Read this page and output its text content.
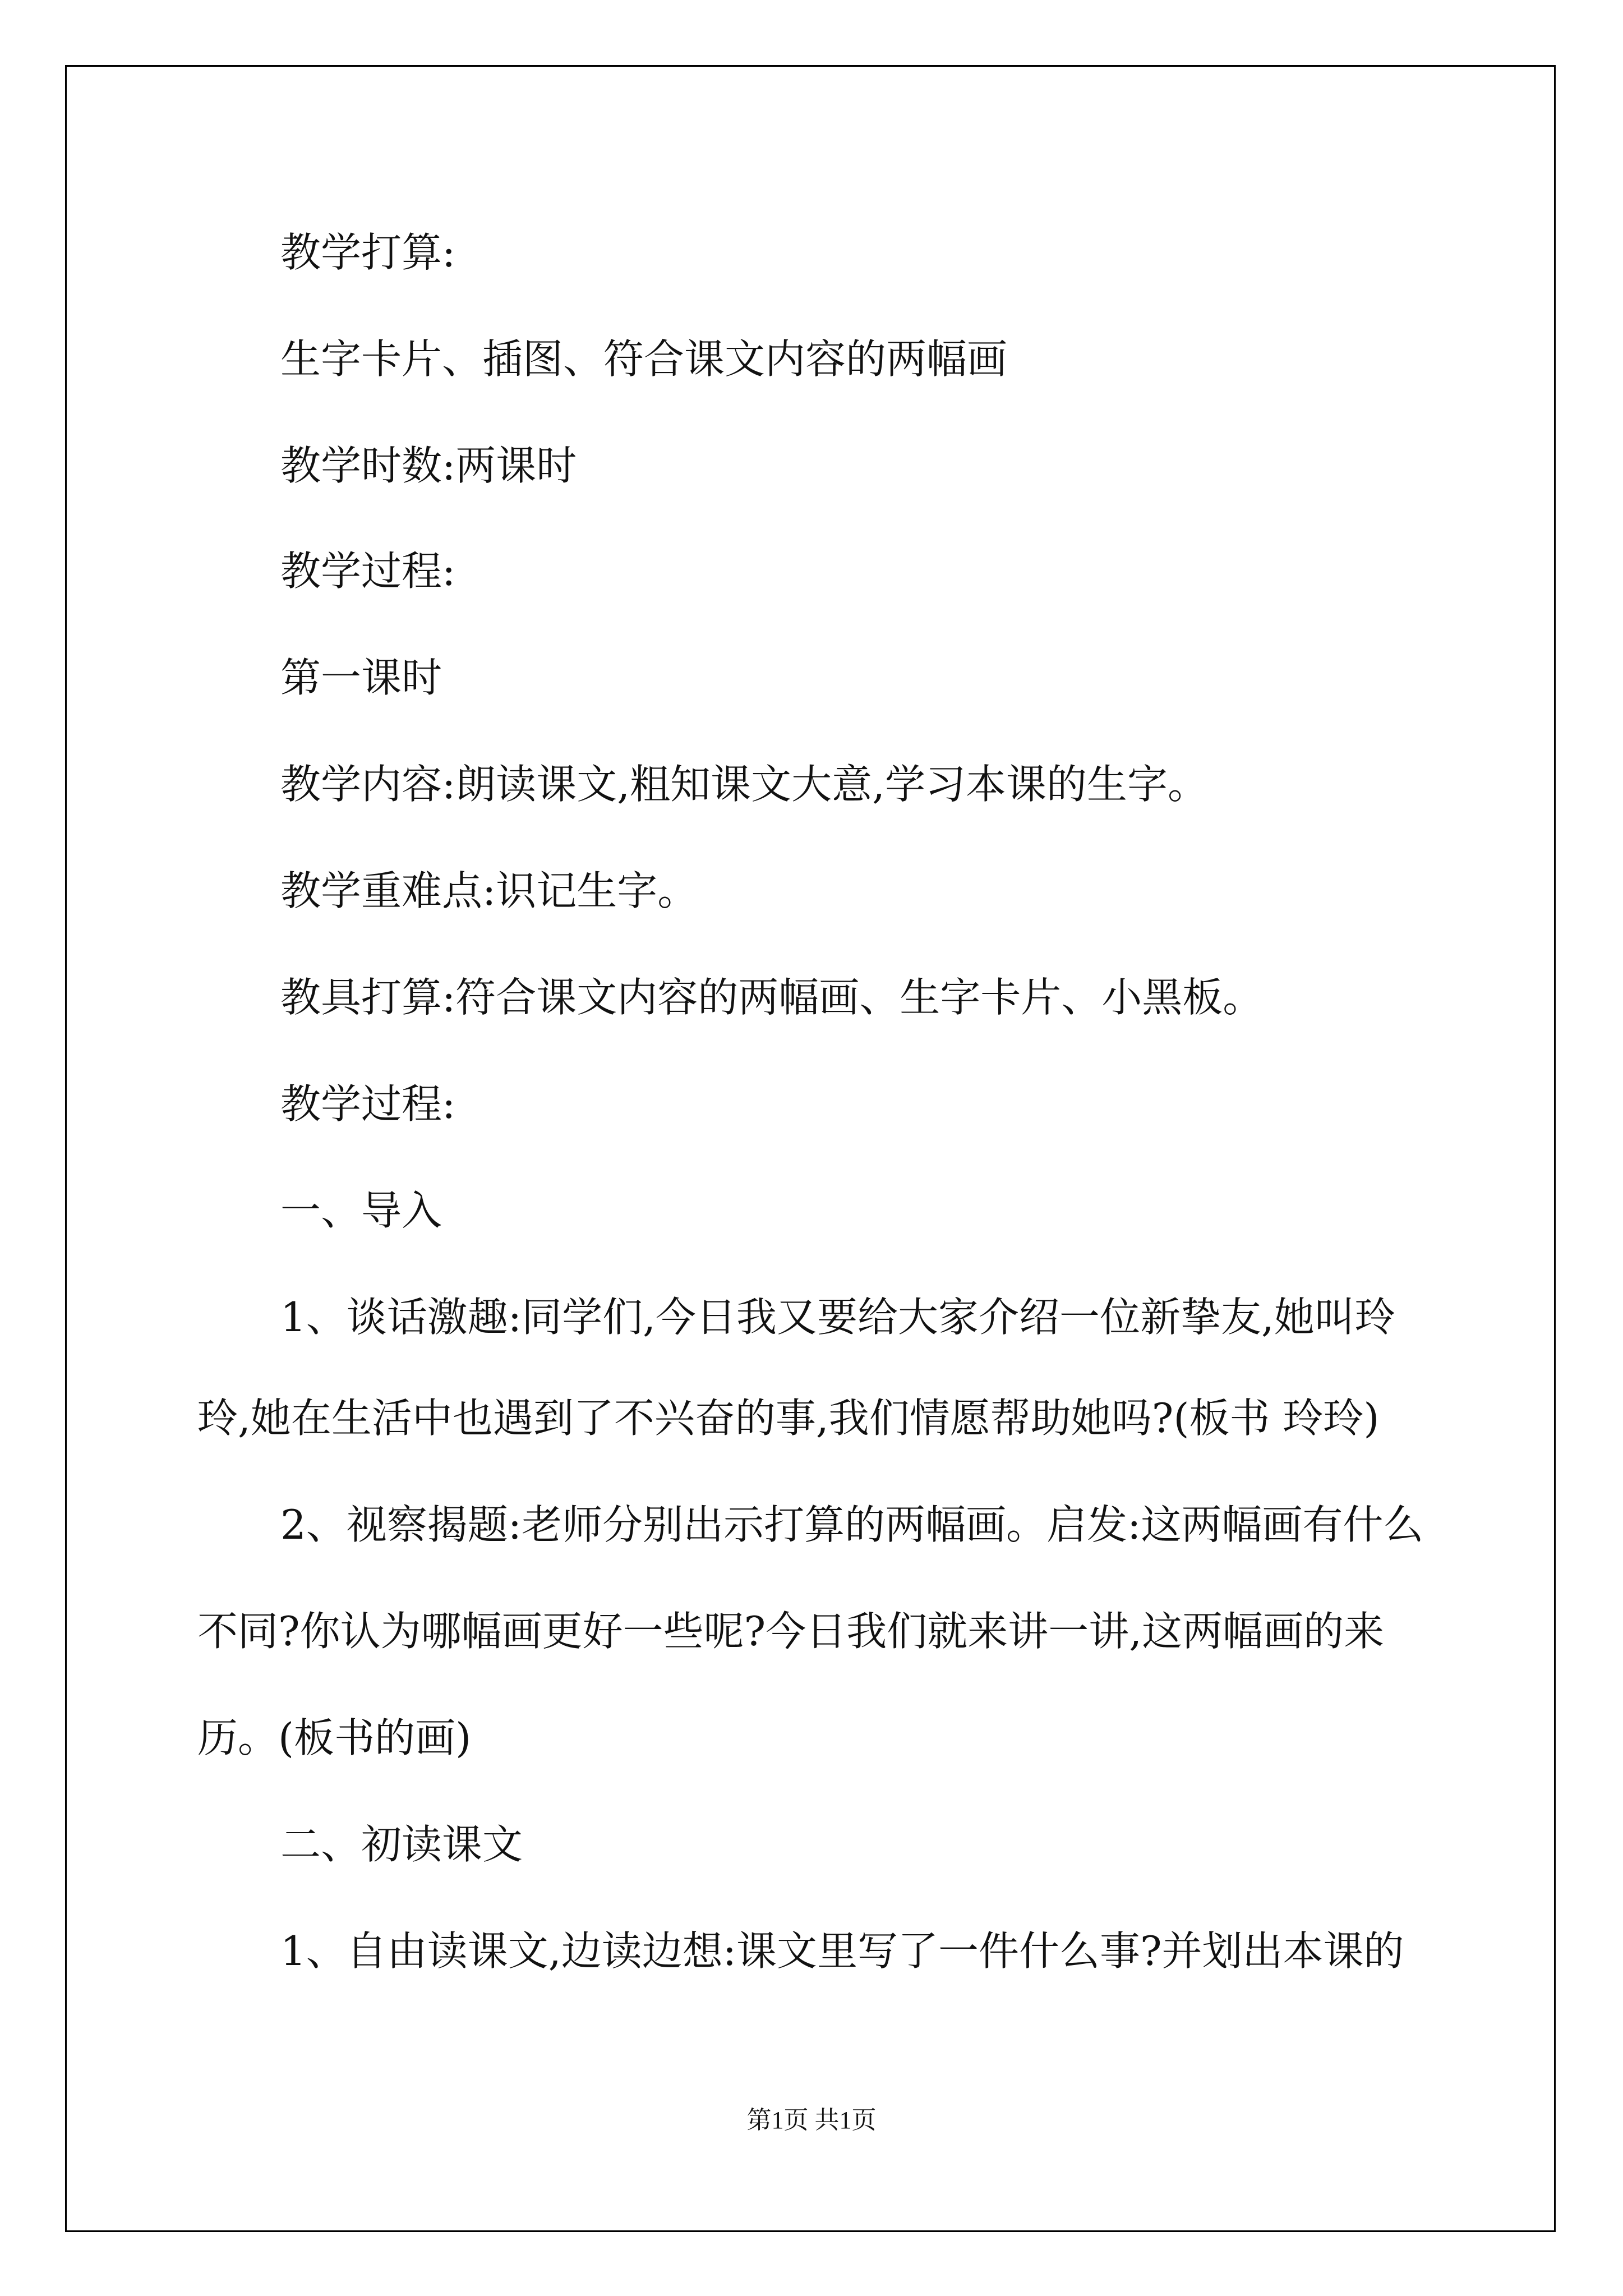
教学打算:
生字卡片、插图、符合课文内容的两幅画
教学时数:两课时
教学过程:
第一课时
教学内容:朗读课文,粗知课文大意,学习本课的生字。
教学重难点:识记生字。
教具打算:符合课文内容的两幅画、生字卡片、小黑板。
教学过程:
一、导入
1、谈话激趣:同学们,今日我又要给大家介绍一位新挚友,她叫玲
玲,她在生活中也遇到了不兴奋的事,我们情愿帮助她吗?(板书 玲玲)
2、视察揭题:老师分别出示打算的两幅画。启发:这两幅画有什么
不同?你认为哪幅画更好一些呢?今日我们就来讲一讲,这两幅画的来
历。(板书的画)
二、初读课文
1、自由读课文,边读边想:课文里写了一件什么事?并划出本课的
第1页 共1页
